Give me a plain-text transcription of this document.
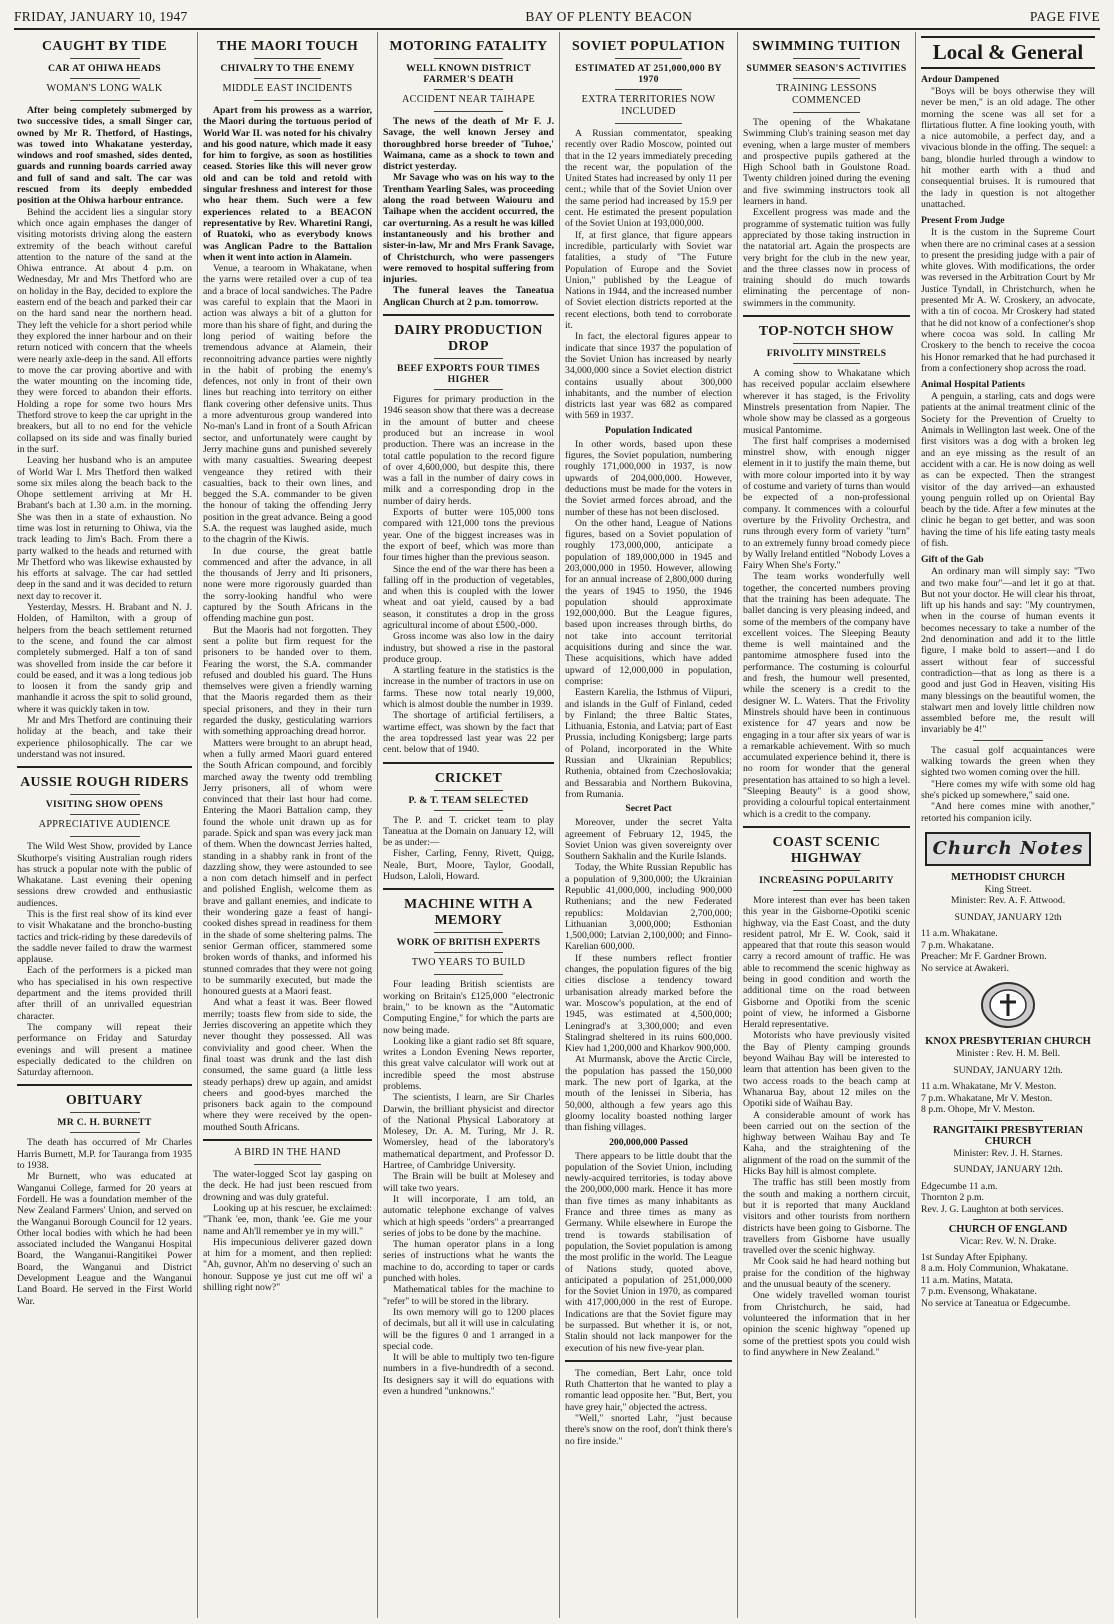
FRIDAY, JANUARY 10, 1947	BAY OF PLENTY BEACON	PAGE FIVE
CAUGHT BY TIDE
CAR AT OHIWA HEADS
WOMAN'S LONG WALK

After being completely submerged by two successive tides, a small Singer car, owned by Mr R. Thetford, of Hastings, was towed into Whakatane yesterday, windows and roof smashed, sides dented, guards and running boards carried away and full of sand and salt. The car was rescued from its deeply embedded position at the Ohiwa harbour entrance.

Behind the accident lies a singular story which once again emphases the danger of visiting motorists driving along the eastern extremity of the beach without careful attention to the nature of the sand at the Ohiwa entrance. At about 4 p.m. on Wednesday, Mr and Mrs Thetford who are on holiday in the Bay, decided to explore the eastern end of the beach and parked their car on the hard sand near the northern head. They left the vehicle for a short period while they explored the inner harbour and on their return noticed with concern that the wheels were nearly axle-deep in the sand. All efforts to move the car proving abortive and with the water mounting on the incoming tide, they were forced to abandon their efforts. Holding a rope for some two hours Mrs Thetford strove to keep the car upright in the breakers, but all to no end for the vehicle collapsed on its side and was finally buried in the surf.

Leaving her husband who is an amputee of World War I. Mrs Thetford then walked some six miles along the beach back to the Ohope settlement arriving at Mr H. Brabant's bach at 1.30 a.m. in the morning. She was then in a state of exhaustion. No time was lost in returning to Ohiwa, via the track leading to Jim's Bach. From there a party walked to the heads and returned with Mr Thetford who was likewise exhausted by his efforts at salvage. The car had settled deep in the sand and it was decided to return next day to recover it.

Yesterday, Messrs. H. Brabant and N. J. Holden, of Hamilton, with a group of helpers from the beach settlement returned to the scene, and found the car almost completely submerged. Half a ton of sand was shovelled from inside the car before it could be eased, and it was a long tedious job to loosen it from the sandy grip and manhandle it across the spit to solid ground, where it was quickly taken in tow.

Mr and Mrs Thetford are continuing their holiday at the beach, and take their experience philosophically. The car we understand was not insured.

AUSSIE ROUGH RIDERS
VISITING SHOW OPENS
APPRECIATIVE AUDIENCE

The Wild West Show, provided by Lance Skuthorpe's visiting Australian rough riders has struck a popular note with the public of Whakatane. Last evening their opening sessions drew crowded and enthusiastic audiences.

This is the first real show of its kind ever to visit Whakatane and the broncho-busting tactics and trick-riding by these daredevils of the saddle never failed to draw the warmest applause.

Each of the performers is a picked man who has specialised in his own respective department and the items provided thrill after thrill of an unrivalled equestrian character.

The company will repeat their performance on Friday and Saturday evenings and will present a matinee especially dedicated to the children on Saturday afternoon.

OBITUARY
MR C. H. BURNETT

The death has occurred of Mr Charles Harris Burnett, M.P. for Tauranga from 1935 to 1938.

Mr Burnett, who was educated at Wanganui College, farmed for 20 years at Fordell. He was a foundation member of the New Zealand Farmers' Union, and served on the Wanganui Borough Council for 12 years. Other local bodies with which he had been associated included the Wanganui Hospital Board, the Wanganui-Rangitikei Power Board, the Wanganui and District Development League and the Wanganui Land Board. He served in the First World War.

THE MAORI TOUCH
CHIVALRY TO THE ENEMY
MIDDLE EAST INCIDENTS

Apart from his prowess as a warrior, the Maori during the tortuous period of World War II. was noted for his chivalry and his good nature, which made it easy for him to forgive, as soon as hostilities ceased. Stories like this will never grow old and can be told and retold with singular freshness and interest for those who hear them. Such were a few experiences related to a BEACON representative by Rev. Wharetini Rangi, of Ruatoki, who as everybody knows was Anglican Padre to the Battalion when it went into action in Alamein.

Venue, a tearoom in Whakatane, when the yarns were retailed over a cup of tea and a brace of local sandwiches. The Padre was careful to explain that the Maori in action was always a bit of a glutton for more than his share of fight, and during the long period of waiting before the tremendous advance at Alamein, their reconnoitring advance parties were nightly in the habit of probing the enemy's defences, not only in front of their own lines but reaching into territory on either flank covering other defensive units. Thus a more adventurous group wandered into No-man's Land in front of a South African sector, and unfortunately were caught by Jerry machine guns and punished severely with many casualties. Swearing deepest vengeance they retired with their casualties, back to their own lines, and begged the S.A. commander to be given the honour of taking the offending Jerry position in the great advance. Being a good S.A. the request was laughed aside, much to the chagrin of the Kiwis.

In due course, the great battle commenced and after the advance, in all the thousands of Jerry and Iti prisoners, none were more rigorously guarded than the sorry-looking handful who were captured by the South Africans in the offending machine gun post.

But the Maoris had not forgotten. They sent a polite but firm request for the prisoners to be handed over to them. Fearing the worst, the S.A. commander refused and doubled his guard. The Huns themselves were given a friendly warning that the Maoris regarded them as their special prisoners, and they in their turn regarded the dusky, gesticulating warriors with something approaching dread horror.

Matters were brought to an abrupt head, when a fully armed Maori guard entered the South African compound, and forcibly marched away the twenty odd trembling Jerry prisoners, all of whom were convinced that their last hour had come. Entering the Maori Battalion camp, they found the whole unit drawn up as for parade. Spick and span was every jack man of them. When the downcast Jerries halted, standing in a shabby rank in front of the dazzling show, they were astounded to see a non com detach himself and in perfect and polished English, welcome them as brave and gallant enemies, and indicate to their wondering gaze a feast of hangi-cooked dishes spread in readiness for them in the shade of some sheltering palms. The senior German officer, stammered some broken words of thanks, and informed his stunned comrades that they were not going to be summarily executed, but made the honoured guests at a Maori feast.

And what a feast it was. Beer flowed merrily; toasts flew from side to side, the Jerries discovering an appetite which they never thought they possessed. All was conviviality and good cheer. When the final toast was drunk and the last dish consumed, the same guard (a little less steady perhaps) drew up again, and amidst cheers and good-byes marched the prisoners back again to the compound where they were received by the open-mouthed South Africans.

A BIRD IN THE HAND

The water-logged Scot lay gasping on the deck. He had just been rescued from drowning and was duly grateful.

Looking up at his rescuer, he exclaimed: "Thank 'ee, mon, thank 'ee. Gie me your name and Ah'll remember ye in my will."

His impecunious deliverer gazed down at him for a moment, and then replied: "Ah, guvnor, Ah'm no deserving o' such an honour. Suppose ye just cut me off wi' a shilling right now?"

MOTORING FATALITY
WELL KNOWN DISTRICT FARMER'S DEATH
ACCIDENT NEAR TAIHAPE

The news of the death of Mr F. J. Savage, the well known Jersey and thoroughbred horse breeder of 'Tuhoe,' Waimana, came as a shock to town and district yesterday.

Mr Savage who was on his way to the Trentham Yearling Sales, was proceeding along the road between Waiouru and Taihape when the accident occurred, the car overturning. As a result he was killed instantaneously and his brother and sister-in-law, Mr and Mrs Frank Savage, of Christchurch, who were passengers were removed to hospital suffering from injuries.

The funeral leaves the Taneatua Anglican Church at 2 p.m. tomorrow.

DAIRY PRODUCTION DROP
BEEF EXPORTS FOUR TIMES HIGHER

Figures for primary production in the 1946 season show that there was a decrease in the amount of butter and cheese produced but an increase in wool production. There was an increase in the total cattle population to the record figure of over 4,600,000, but despite this, there was a fall in the number of dairy cows in milk and a corresponding drop in the number of dairy herds.

Exports of butter were 105,000 tons compared with 121,000 tons the previous year. One of the biggest increases was in the export of beef, which was more than four times higher than the previous season.

Since the end of the war there has been a falling off in the production of vegetables, and when this is coupled with the lower wheat and oat yield, caused by a bad season, it constitutes a drop in the gross agricultural income of about £500,-000.

Gross income was also low in the dairy industry, but showed a rise in the pastoral produce group.

A startling feature in the statistics is the increase in the number of tractors in use on farms. These now total nearly 19,000, which is almost double the number in 1939.

The shortage of artificial fertilisers, a wartime effect, was shown by the fact that the area topdressed last year was 22 per cent. below that of 1940.

CRICKET
P. & T. TEAM SELECTED

The P. and T. cricket team to play Taneatua at the Domain on January 12, will be as under:—

Fisher, Carling, Fenny, Rivett, Quigg, Neale, Burt, Moore, Taylor, Goodall, Hudson, Laloli, Howard.

MACHINE WITH A MEMORY
WORK OF BRITISH EXPERTS
TWO YEARS TO BUILD

Four leading British scientists are working on Britain's £125,000 "electronic brain," to be known as the "Automatic Computing Engine," for which the parts are now being made.

Looking like a giant radio set 8ft square, writes a London Evening News reporter, this great valve calculator will work out at incredible speed the most abstruse problems.

The scientists, I learn, are Sir Charles Darwin, the brilliant physicist and director of the National Physical Laboratory at Molesey, Dr. A. M. Turing, Mr J. R. Womersley, head of the laboratory's mathematical department, and Professor D. Hartree, of Cambridge University.

The Brain will be built at Molesey and will take two years.

It will incorporate, I am told, an automatic telephone exchange of valves which at high speeds "orders" a prearranged series of jobs to be done by the machine.

The human operator plans in a long series of instructions what he wants the machine to do, according to taper or cards punched with holes.

Mathematical tables for the machine to "refer" to will be stored in the library.

Its own memory will go to 1200 places of decimals, but all it will use in calculating will be the figures 0 and 1 arranged in a special code.

It will be able to multiply two ten-figure numbers in a five-hundredth of a second. Its designers say it will do equations with even a hundred "unknowns."

SOVIET POPULATION
ESTIMATED AT 251,000,000 BY 1970
EXTRA TERRITORIES NOW INCLUDED

A Russian commentator, speaking recently over Radio Moscow, pointed out that in the 12 years immediately preceding the recent war, the population of the United States had increased by only 11 per cent.; while that of the Soviet Union over the same period had increased by 15.9 per cent. He estimated the present population of the Soviet Union at 193,000,000.

If, at first glance, that figure appears incredible, particularly with Soviet war fatalities, a study of "The Future Population of Europe and the Soviet Union," published by the League of Nations in 1944, and the increased number of Soviet election districts reported at the recent elections, both tend to corroborate it.

In fact, the electoral figures appear to indicate that since 1937 the population of the Soviet Union has increased by nearly 34,000,000 since a Soviet election district contains usually about 300,000 inhabitants, and the number of election districts last year was 682 as compared with 569 in 1937.

Population Indicated

In other words, based upon these figures, the Soviet population, numbering roughly 171,000,000 in 1937, is now upwards of 204,000,000. However, deductions must be made for the voters in the Soviet armed forces abroad, and the number of these has not been disclosed.

On the other hand, League of Nations figures, based on a Soviet population of roughly 173,000,000, anticipate a population of 189,000,000 in 1945 and 203,000,000 in 1950. However, allowing for an annual increase of 2,800,000 during the years of 1945 to 1950, the 1946 population should approximate 192,000,000. But the League figures, based upon increases through births, do not take into account territorial acquisitions during and since the war. These acquisitions, which have added upward of 12,000,000 in population, comprise:

Eastern Karelia, the Isthmus of Viipuri, and islands in the Gulf of Finland, ceded by Finland; the three Baltic States, Lithuania, Estonia, and Latvia; part of East Prussia, including Konigsberg; large parts of Poland, incorporated in the White Russian and Ukrainian Republics; Ruthenia, obtained from Czechoslovakia; and Bessarabia and Northern Bukovina, from Rumania.

Secret Pact

Moreover, under the secret Yalta agreement of February 12, 1945, the Soviet Union was given sovereignty over Southern Sakhalin and the Kurile Islands.

Today, the White Russian Republic has a population of 9,300,000; the Ukrainian Republic 41,000,000, including 900,000 Ruthenians; and the new Federated republics: Moldavian 2,700,000; Lithuanian 3,000,000; Esthonian 1,500,000; Latvian 2,100,000; and Finno-Karelian 600,000.

If these numbers reflect frontier changes, the population figures of the big cities disclose a tendency toward urbanisation already marked before the war. Moscow's population, at the end of 1945, was estimated at 4,500,000; Leningrad's at 3,300,000; and even Stalingrad sheltered in its ruins 600,000. Kiev had 1,200,000 and Kharkov 900,000.

At Murmansk, above the Arctic Circle, the population has passed the 150,000 mark. The new port of Igarka, at the mouth of the Ienissei in Siberia, has 50,000, although a few years ago this gloomy locality boasted nothing larger than fishing villages.

200,000,000 Passed

There appears to be little doubt that the population of the Soviet Union, including newly-acquired territories, is today above the 200,000,000 mark. Hence it has more than five times as many inhabitants as France and three times as many as Germany. While elsewhere in Europe the trend is towards stabilisation of population, the Soviet population is among the most prolific in the world. The League of Nations study, quoted above, anticipated a population of 251,000,000 for the Soviet Union in 1970, as compared with 417,000,000 in the rest of Europe. Indications are that the Soviet figure may be surpassed. But whether it is, or not, Stalin should not lack manpower for the execution of his new five-year plan.

The comedian, Bert Lahr, once told Ruth Chatterton that he wanted to play a romantic lead opposite her. "But, Bert, you have grey hair," objected the actress.

"Well," snorted Lahr, "just because there's snow on the roof, don't think there's no fire inside."

SWIMMING TUITION
SUMMER SEASON'S ACTIVITIES
TRAINING LESSONS COMMENCED

The opening of the Whakatane Swimming Club's training season met day evening, when a large muster of members and prospective pupils gathered at the High School bath in Goulstone Road. Twenty children joined during the evening and five swimming instructors took all learners in hand.

Excellent progress was made and the programme of systematic tuition was fully appreciated by those taking instruction in the natatorial art. Again the prospects are very bright for the club in the new year, and the three classes now in process of training should do much towards eliminating the percentage of non-swimmers in the community.

TOP-NOTCH SHOW
FRIVOLITY MINSTRELS

A coming show to Whakatane which has received popular acclaim elsewhere wherever it has staged, is the Frivolity Minstrels presentation from Napier. The whole show may be classed as a gorgeous musical Pantomime.

The first half comprises a modernised minstrel show, with enough nigger element in it to justify the main theme, but with more colour imported into it by way of costume and variety of turns than would be expected of a non-professional company. It commences with a colourful overture by the Frivolity Orchestra, and runs through every form of variety "turn" to an extremely funny broad comedy piece by Wally Ireland entitled "Nobody Loves a Fairy When She's Forty."

The team works wonderfully well together, the concerted numbers proving that the training has been adequate. The ballet dancing is very pleasing indeed, and some of the members of the company have excellent voices. The Sleeping Beauty theme is well maintained and the pantomime atmosphere fused into the performance. The costuming is colourful and fresh, the humour well presented, while the scenery is a credit to the designer W. L. Waters. That the Frivolity Minstrels should have been in continuous existence for 47 years and now be engaging in a tour after six years of war is a remarkable achievement. With so much accumulated experience behind it, there is no room for wonder that the general presentation has attained to so high a level. "Sleeping Beauty" is a good show, providing a colourful topical entertainment which is a credit to the company.

COAST SCENIC HIGHWAY
INCREASING POPULARITY

More interest than ever has been taken this year in the Gisborne-Opotiki scenic highway, via the East Coast, and the duty resident patrol, Mr E. W. Cook, said it appeared that that route this season would carry a record amount of traffic. He was able to recommend the scenic highway as being in good condition and worth the additional time on the road between Gisborne and Opotiki from the scenic point of view, he informed a Gisborne Herald representative.

Motorists who have previously visited the Bay of Plenty camping grounds beyond Waihau Bay will be interested to learn that attention has been given to the two access roads to the beach camp at Whanarua Bay, about 12 miles on the Opotiki side of Waihau Bay.

A considerable amount of work has been carried out on the section of the highway between Waihau Bay and Te Kaha, and the straightening of the alignment of the road on the summit of the Hicks Bay hill is almost complete.

The traffic has still been mostly from the south and making a northern circuit, but it is reported that many Auckland visitors and other tourists from northern districts have been going to Gisborne. The travellers from Gisborne have usually travelled over the scenic highway.

Mr Cook said he had heard nothing but praise for the condition of the highway and the unusual beauty of the scenery.

One widely travelled woman tourist from Christchurch, he said, had volunteered the information that in her opinion the scenic highway "opened up some of the prettiest spots you could wish to find anywhere in New Zealand."

Local & General
Ardour Dampened

"Boys will be boys otherwise they will never be men," is an old adage. The other morning the scene was all set for a flirtatious flutter. A fine looking youth, with a nice automobile, a perfect day, and a vivacious blonde in the offing. The sequel: a bang, blondie hurled through a window to hit mother earth with a thud and consequential bruises. It is rumoured that the lady in question is not altogether unattached.

Present From Judge

It is the custom in the Supreme Court when there are no criminal cases at a session to present the presiding judge with a pair of white gloves. With modifications, the order was reversed in the Arbitration Court by Mr Justice Tyndall, in Christchurch, when he presented Mr A. W. Croskery, an advocate, with a tin of cocoa. Mr Croskery had stated that he did not know of a confectioner's shop where cocoa was sold. In calling Mr Croskery to the bench to receive the cocoa his Honor remarked that he had purchased it from a confectionery shop across the road.

Animal Hospital Patients

A penguin, a starling, cats and dogs were patients at the animal treatment clinic of the Society for the Prevention of Cruelty to Animals in Wellington last week. One of the first visitors was a dog with a broken leg and an eye missing as the result of an accident with a car. He is now doing as well as can be expected. Then the strangest visitor of the day arrived—an exhausted young penguin rolled up on Oriental Bay beach by the tide. After a few minutes at the clinic he began to get better, and was soon having the time of his life eating tasty meals of fish.

Gift of the Gab

An ordinary man will simply say: "Two and two make four"—and let it go at that. But not your doctor. He will clear his throat, lift up his hands and say: "My countrymen, when in the course of human events it becomes necessary to take a number of the 2nd denomination and add it to the little figure, I make bold to assert—and I do assert without fear of successful contradiction—that as long as there is a good and just God in Heaven, visiting His many blessings on the beautiful women, the stalwart men and lovely little children now assembled before me, the result will invariably be 4!"

The casual golf acquaintances were walking towards the green when they sighted two women coming over the hill.

"Here comes my wife with some old hag she's picked up somewhere," said one.

"And here comes mine with another," retorted his companion icily.

Church Notes
METHODIST CHURCH
King Street.
Minister: Rev. A. F. Attwood.
SUNDAY, JANUARY 12th
11 a.m. Whakatane.
7 p.m. Whakatane.
Preacher: Mr F. Gardner Brown.
No service at Awakeri.
KNOX PRESBYTERIAN CHURCH
Minister : Rev. H. M. Bell.
SUNDAY, JANUARY 12th.
11 a.m. Whakatane, Mr V. Meston.
7 p.m. Whakatane, Mr V. Meston.
8 p.m. Ohope, Mr V. Meston.
RANGITAIKI PRESBYTERIAN CHURCH
Minister: Rev. J. H. Starnes.
SUNDAY, JANUARY 12th.
Edgecumbe 11 a.m.
Thornton 2 p.m.
Rev. J. G. Laughton at both services.
CHURCH OF ENGLAND
Vicar: Rev. W. N. Drake.
1st Sunday After Epiphany.
8 a.m. Holy Communion, Whakatane.
11 a.m. Matins, Matata.
7 p.m. Evensong, Whakatane.
No service at Taneatua or Edgecumbe.
